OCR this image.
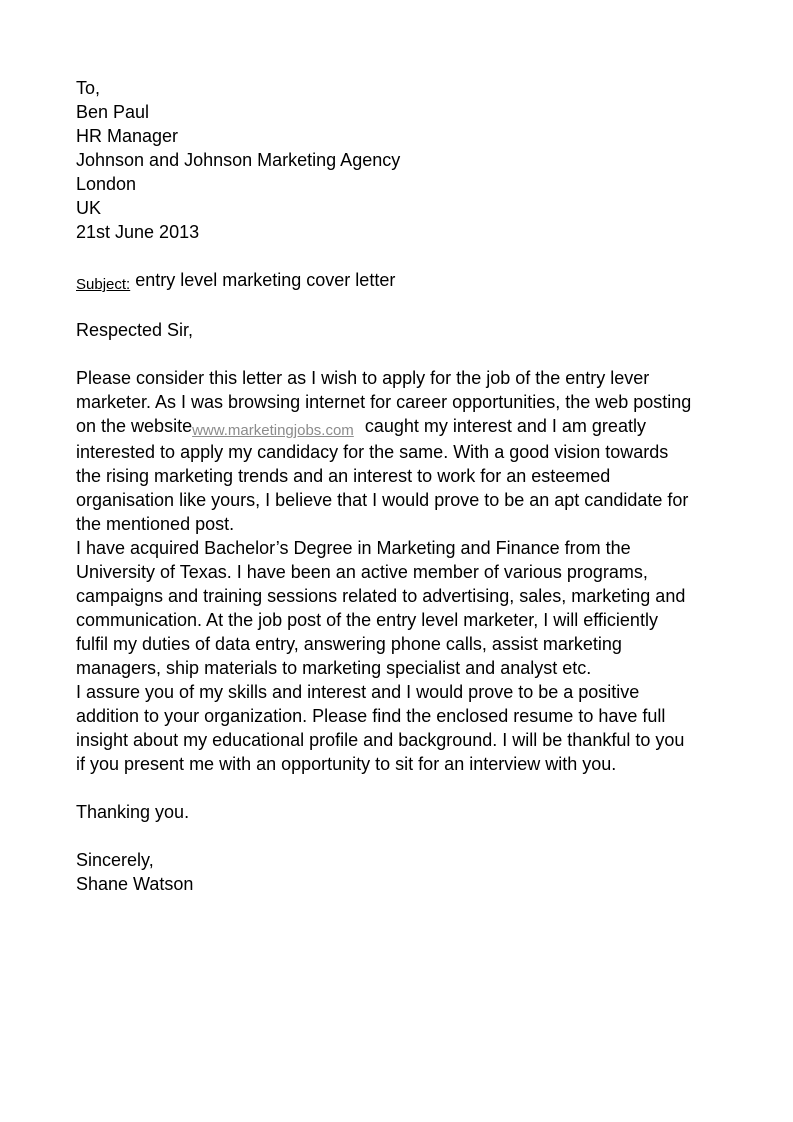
To,
Ben Paul
HR Manager
Johnson and Johnson Marketing Agency
London
UK
21st June 2013
Subject: entry level marketing cover letter
Respected Sir,
Please consider this letter as I wish to apply for the job of the entry lever
marketer. As I was browsing internet for career opportunities, the web posting
on the websitewww.marketingjobs.com caught my interest and I am greatly
interested to apply my candidacy for the same. With a good vision towards
the rising marketing trends and an interest to work for an esteemed
organisation like yours, I believe that I would prove to be an apt candidate for
the mentioned post.
I have acquired Bachelor’s Degree in Marketing and Finance from the
University of Texas. I have been an active member of various programs,
campaigns and training sessions related to advertising, sales, marketing and
communication. At the job post of the entry level marketer, I will efficiently
fulfil my duties of data entry, answering phone calls, assist marketing
managers, ship materials to marketing specialist and analyst etc.
I assure you of my skills and interest and I would prove to be a positive
addition to your organization. Please find the enclosed resume to have full
insight about my educational profile and background. I will be thankful to you
if you present me with an opportunity to sit for an interview with you.
Thanking you.
Sincerely,
Shane Watson
